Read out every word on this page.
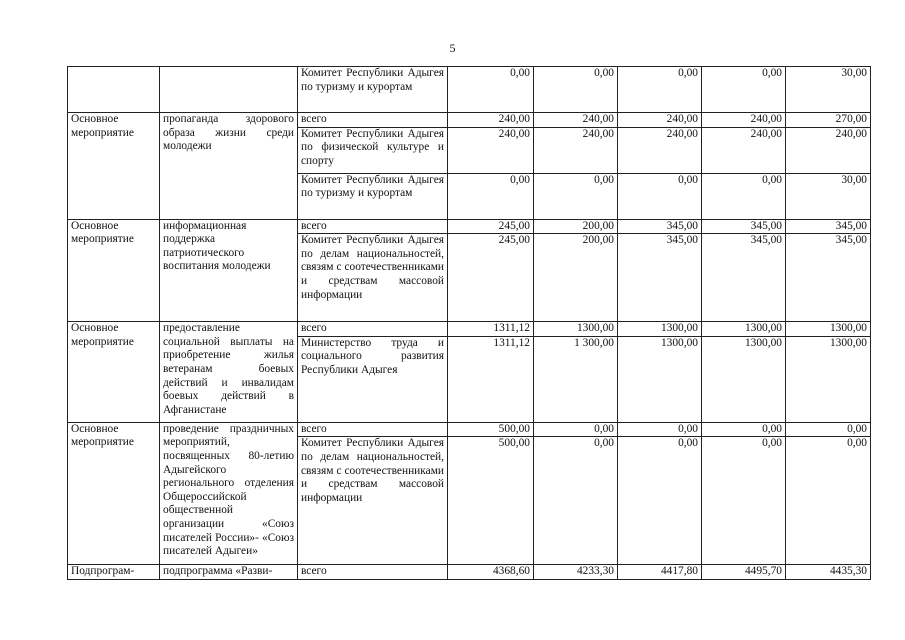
5
		Комитет Республики Адыгея по туризму и курортам	0,00	0,00	0,00	0,00	30,00
Основное мероприятие	пропаганда здорового образа жизни среди молодежи	всего	240,00	240,00	240,00	240,00	270,00
		Комитет Республики Адыгея по физической культуре и спорту	240,00	240,00	240,00	240,00	240,00
		Комитет Республики Адыгея по туризму и курортам	0,00	0,00	0,00	0,00	30,00
Основное мероприятие	информационная поддержка патриотического воспитания молодежи	всего	245,00	200,00	345,00	345,00	345,00
		Комитет Республики Адыгея по делам национальностей, связям с соотечественниками и средствам массовой информации	245,00	200,00	345,00	345,00	345,00
Основное мероприятие	предоставление социальной выплаты на приобретение жилья ветеранам боевых действий и инвалидам боевых действий в Афганистане	всего	1311,12	1300,00	1300,00	1300,00	1300,00
		Министерство труда и социального развития Республики Адыгея	1311,12	1 300,00	1300,00	1300,00	1300,00
Основное мероприятие	проведение праздничных мероприятий, посвященных 80-летию Адыгейского регионального отделения Общероссийской общественной организации «Союз писателей России»- «Союз писателей Адыгеи»	всего	500,00	0,00	0,00	0,00	0,00
		Комитет Республики Адыгея по делам национальностей, связям с соотечественниками и средствам массовой информации	500,00	0,00	0,00	0,00	0,00
Подпрограм-	подпрограмма «Разви-	всего	4368,60	4233,30	4417,80	4495,70	4435,30
